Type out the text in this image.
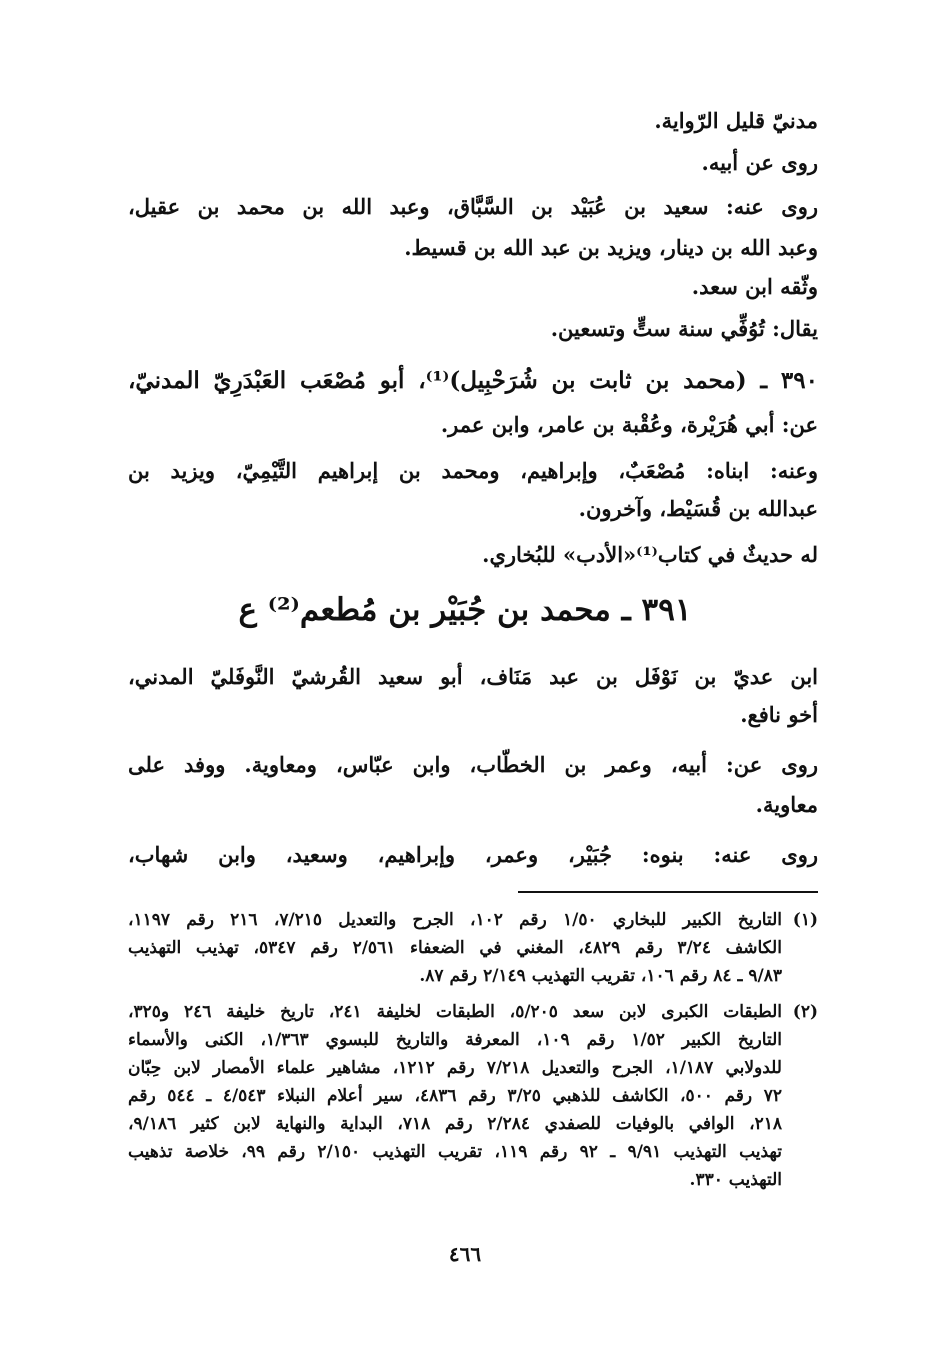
مدنيّ قليل الرّواية.
روى عن أبيه.
روى عنه: سعيد بن عُبَيْد بن السَّبَّاق، وعبد الله بن محمد بن عقيل،
وعبد الله بن دينار، ويزيد بن عبد الله بن قسيط.
وثّقه ابن سعد.
يقال: تُوُفِّي سنة ستٍّ وتسعين.
٣٩٠ ـ (محمد بن ثابت بن شُرَحْبِيل)⁽¹⁾، أبو مُصْعَب العَبْدَرِيّ المدنيّ،
عن: أبي هُرَيْرة، وعُقْبة بن عامر، وابن عمر.
وعنه: ابناه: مُصْعَبٌ، وإبراهيم، ومحمد بن إبراهيم التَّيْمِيّ، ويزيد بن
عبدالله بن قُسَيْط، وآخرون.
له حديثٌ في كتاب⁽¹⁾«الأدب» للبُخاري.
٣٩١ ـ محمد بن جُبَيْر بن مُطعم⁽²⁾ ع
ابن عديّ بن نَوْفَل بن عبد مَنَاف، أبو سعيد القُرشيّ النَّوفَليّ المدني،
أخو نافع.
روى عن: أبيه، وعمر بن الخطّاب، وابن عبّاس، ومعاوية. ووفد على
معاوية.
روى عنه: بنوه: جُبَيْر، وعمر، وإبراهيم، وسعيد، وابن شهاب،
(١)
التاريخ الكبير للبخاري ١/٥٠ رقم ١٠٢، الجرح والتعديل ٧/٢١٥، ٢١٦ رقم ١١٩٧،
الكاشف ٣/٢٤ رقم ٤٨٢٩، المغني في الضعفاء ٢/٥٦١ رقم ٥٣٤٧، تهذيب التهذيب
٩/٨٣ ـ ٨٤ رقم ١٠٦، تقريب التهذيب ٢/١٤٩ رقم ٨٧.
(٢)
الطبقات الكبرى لابن سعد ٥/٢٠٥، الطبقات لخليفة ٢٤١، تاريخ خليفة ٢٤٦ و٣٢٥،
التاريخ الكبير ١/٥٢ رقم ١٠٩، المعرفة والتاريخ للبسوي ١/٣٦٣، الكنى والأسماء
للدولابي ١/١٨٧، الجرح والتعديل ٧/٢١٨ رقم ١٢١٢، مشاهير علماء الأمصار لابن حِبّان
٧٢ رقم ٥٠٠، الكاشف للذهبي ٣/٢٥ رقم ٤٨٣٦، سير أعلام النبلاء ٤/٥٤٣ ـ ٥٤٤ رقم
٢١٨، الوافي بالوفيات للصفدي ٢/٢٨٤ رقم ٧١٨، البداية والنهاية لابن كثير ٩/١٨٦،
تهذيب التهذيب ٩/٩١ ـ ٩٢ رقم ١١٩، تقريب التهذيب ٢/١٥٠ رقم ٩٩، خلاصة تذهيب
التهذيب ٣٣٠.
٤٦٦
